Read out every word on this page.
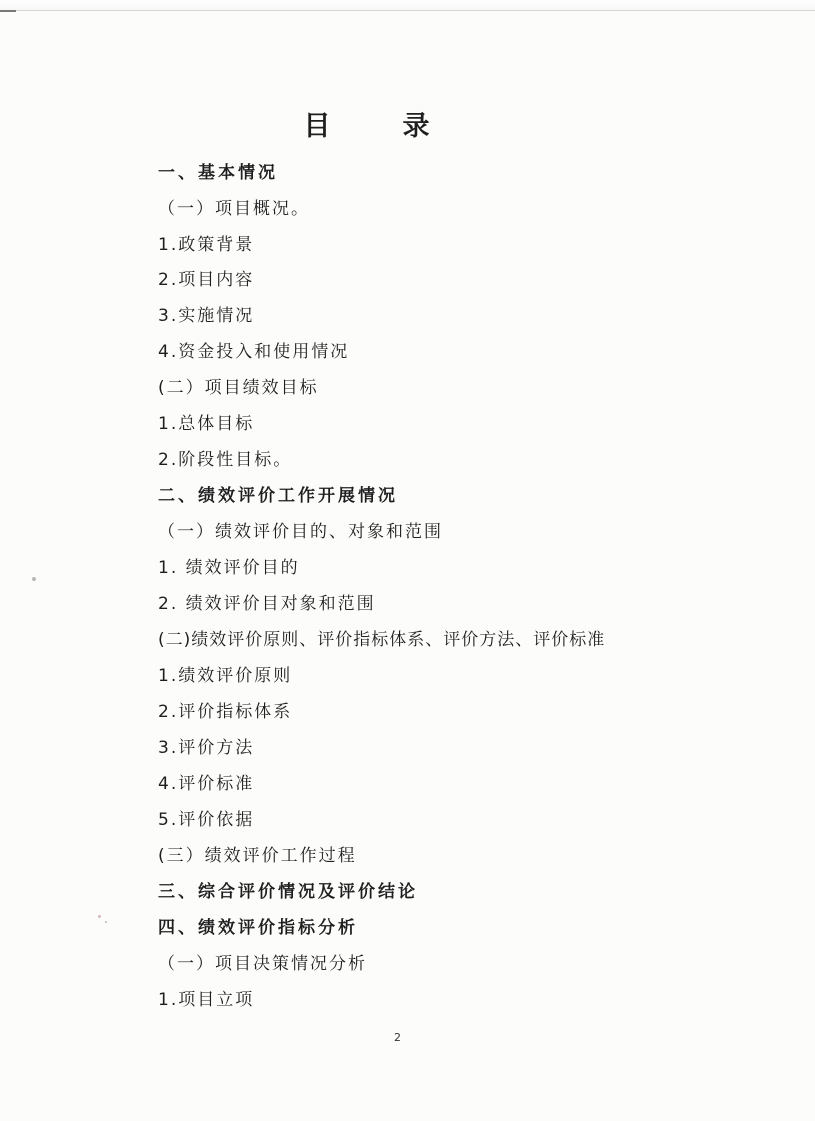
目	录
一、基本情况
（一）项目概况。
1.政策背景
2.项目内容
3.实施情况
4.资金投入和使用情况
(二）项目绩效目标
1.总体目标
2.阶段性目标。
二、绩效评价工作开展情况
（一）绩效评价目的、对象和范围
1. 绩效评价目的
2. 绩效评价目对象和范围
(二)绩效评价原则、评价指标体系、评价方法、评价标准
1.绩效评价原则
2.评价指标体系
3.评价方法
4.评价标准
5.评价依据
(三）绩效评价工作过程
三、综合评价情况及评价结论
四、绩效评价指标分析
（一）项目决策情况分析
1.项目立项
2
